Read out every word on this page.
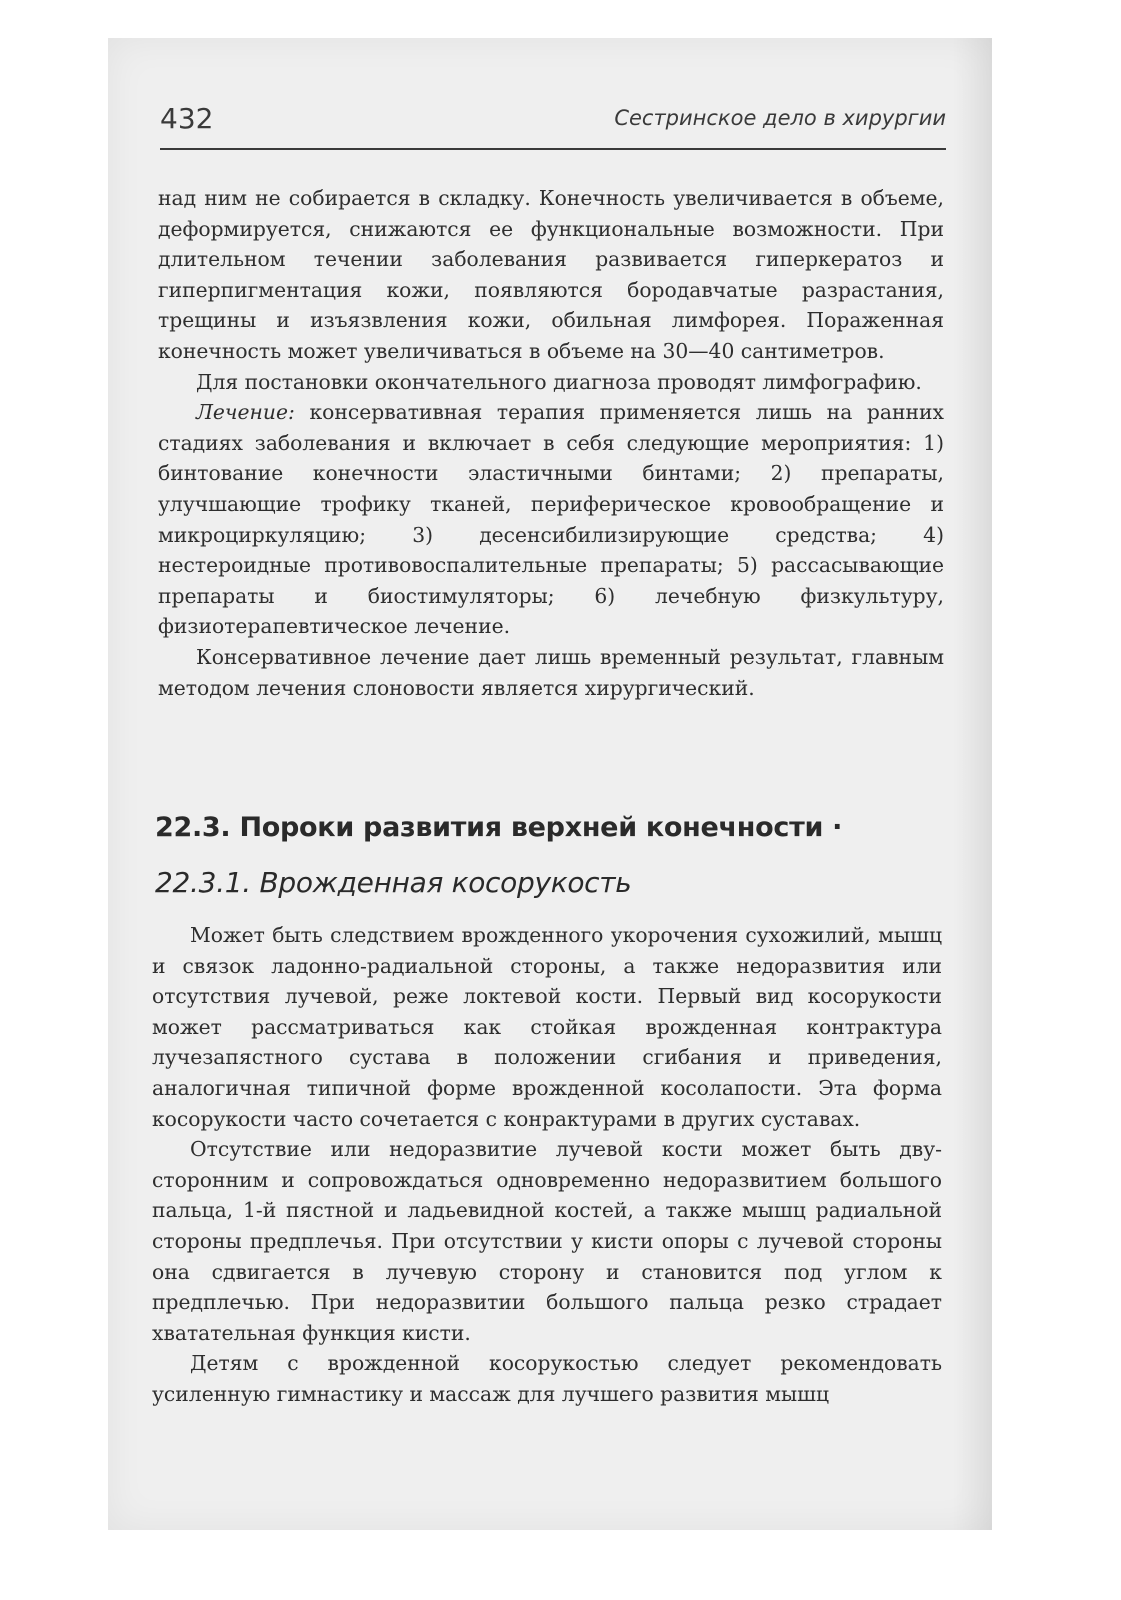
432	Сестринское дело в хирургии

над ним не собирается в складку. Конечность увеличивается в объеме, деформируется, снижаются ее функциональные возможности. При длительном течении заболевания развивается гиперкератоз и гиперпигментация кожи, появляются бородавчатые разрастания, трещины и изъязвления кожи, обильная лимфорея. Пораженная конечность может увеличиваться в объеме на 30—40 сантиметров.

Для постановки окончательного диагноза проводят лимфографию.

Лечение: консервативная терапия применяется лишь на ранних стадиях заболевания и включает в себя следующие мероприятия: 1) бинтование конечности эластичными бинтами; 2) препараты, улучшающие трофику тканей, периферическое кровообращение и микроциркуляцию; 3) десенсибилизирующие средства; 4) нестероидные противовоспалительные препараты; 5) рассасывающие препараты и биостимуляторы; 6) лечебную физкультуру, физиотерапевтическое лечение.

Консервативное лечение дает лишь временный результат, главным методом лечения слоновости является хирургический.

22.3. Пороки развития верхней конечности ·
22.3.1. Врожденная косорукость

Может быть следствием врожденного укорочения сухожилий, мышц и связок ладонно-радиальной стороны, а также недоразвития или отсутствия лучевой, реже локтевой кости. Первый вид косорукости может рассматриваться как стойкая врожденная контрактура лучезапястного сустава в положении сгибания и приведения, аналогичная типичной форме врожденной косолапости. Эта форма косорукости часто сочетается с конрактурами в других суставах.

Отсутствие или недоразвитие лучевой кости может быть двусторонним и сопровождаться одновременно недоразвитием большого пальца, 1-й пястной и ладьевидной костей, а также мышц радиальной стороны предплечья. При отсутствии у кисти опоры с лучевой стороны она сдвигается в лучевую сторону и становится под углом к предплечью. При недоразвитии большого пальца резко страдает хватательная функция кисти.

Детям с врожденной косорукостью следует рекомендовать усиленную гимнастику и массаж для лучшего развития мышц
